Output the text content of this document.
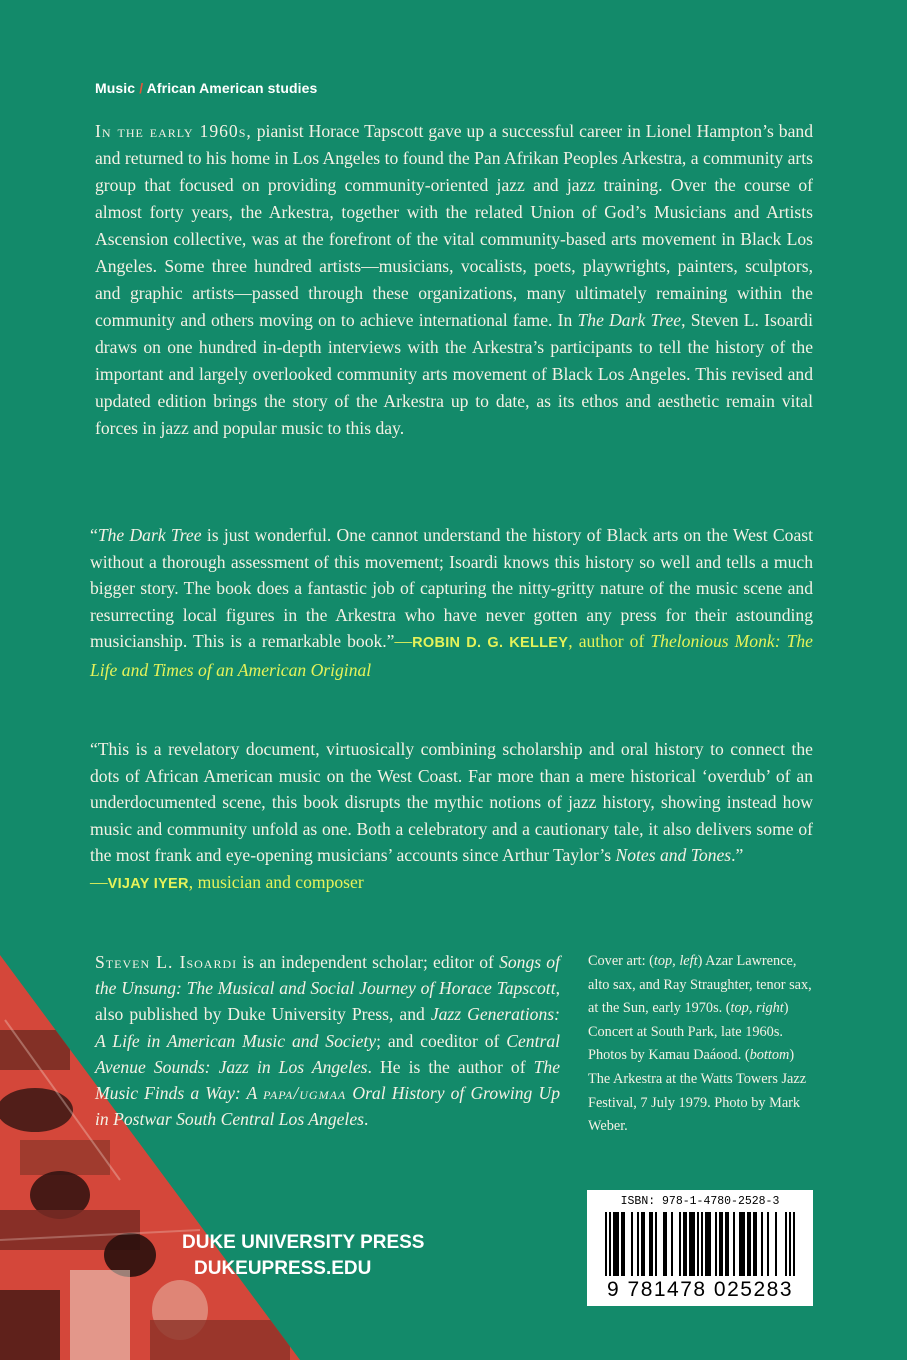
Music / African American studies
In the early 1960s, pianist Horace Tapscott gave up a successful career in Lionel Hampton’s band and returned to his home in Los Angeles to found the Pan Afrikan Peoples Arkestra, a community arts group that focused on providing community-oriented jazz and jazz training. Over the course of almost forty years, the Arkestra, together with the related Union of God’s Musicians and Artists Ascension collective, was at the forefront of the vital community-based arts movement in Black Los Angeles. Some three hundred artists—musicians, vocalists, poets, playwrights, painters, sculptors, and graphic artists—passed through these organizations, many ultimately remaining within the community and others moving on to achieve international fame. In The Dark Tree, Steven L. Isoardi draws on one hundred in-depth interviews with the Arkestra’s participants to tell the history of the important and largely overlooked community arts movement of Black Los Angeles. This revised and updated edition brings the story of the Arkestra up to date, as its ethos and aesthetic remain vital forces in jazz and popular music to this day.
“The Dark Tree is just wonderful. One cannot understand the history of Black arts on the West Coast without a thorough assessment of this movement; Isoardi knows this history so well and tells a much bigger story. The book does a fantastic job of capturing the nitty-gritty nature of the music scene and resurrecting local figures in the Arkestra who have never gotten any press for their astounding musicianship. This is a remarkable book.”—ROBIN D. G. KELLEY, author of Thelonious Monk: The Life and Times of an American Original
“This is a revelatory document, virtuosically combining scholarship and oral history to connect the dots of African American music on the West Coast. Far more than a mere historical ‘overdub’ of an underdocumented scene, this book disrupts the mythic notions of jazz history, showing instead how music and community unfold as one. Both a celebratory and a cautionary tale, it also delivers some of the most frank and eye-opening musicians’ accounts since Arthur Taylor’s Notes and Tones.”
—VIJAY IYER, musician and composer
Steven L. Isoardi is an independent scholar; editor of Songs of the Unsung: The Musical and Social Journey of Horace Tapscott, also published by Duke University Press, and Jazz Generations: A Life in American Music and Society; and coeditor of Central Avenue Sounds: Jazz in Los Angeles. He is the author of The Music Finds a Way: A papa/ugmaa Oral History of Growing Up in Postwar South Central Los Angeles.
Cover art: (top, left) Azar Lawrence, alto sax, and Ray Straughter, tenor sax, at the Sun, early 1970s. (top, right) Concert at South Park, late 1960s. Photos by Kamau Daáood. (bottom) The Arkestra at the Watts Towers Jazz Festival, 7 July 1979. Photo by Mark Weber.
DUKE UNIVERSITY PRESS
DUKEUPRESS.EDU
ISBN: 978-1-4780-2528-3
9 781478 025283
